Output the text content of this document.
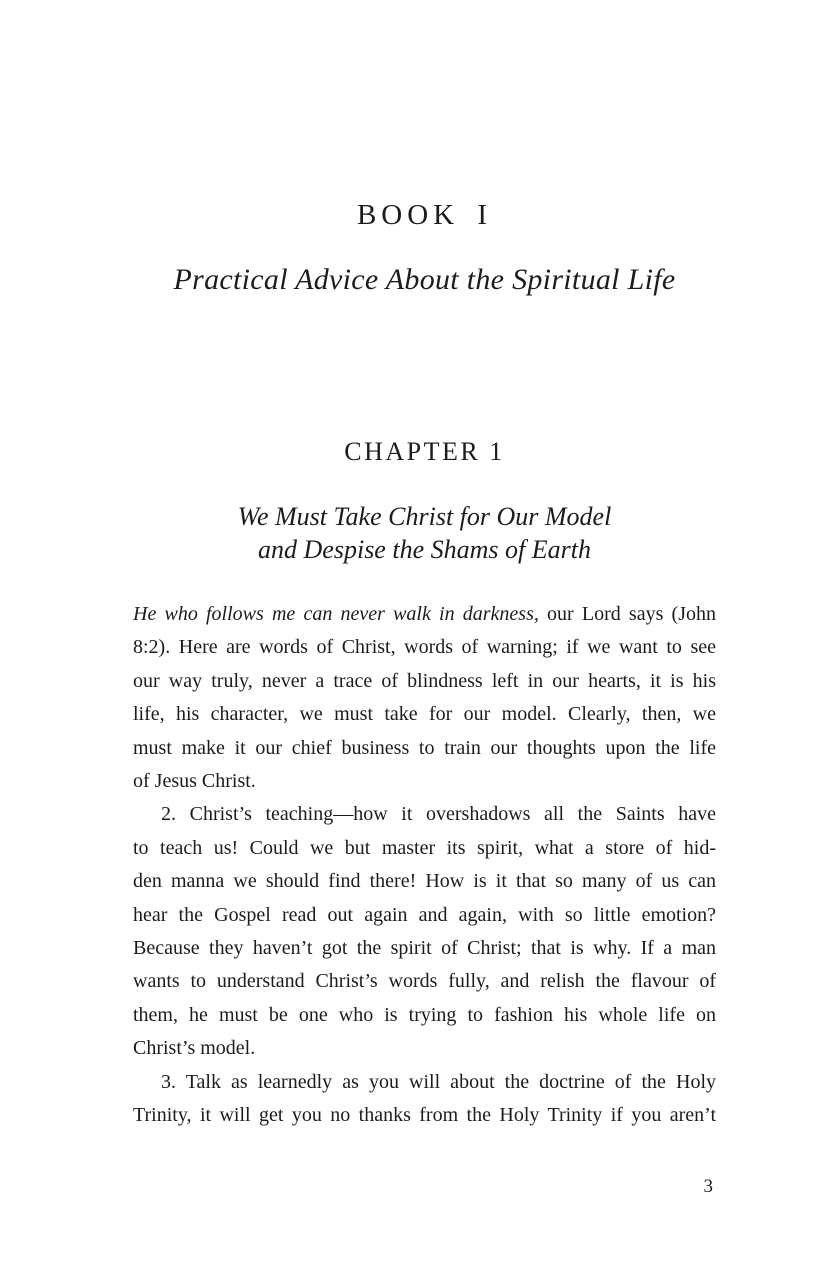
BOOK I
Practical Advice About the Spiritual Life
CHAPTER 1
We Must Take Christ for Our Model
and Despise the Shams of Earth
He who follows me can never walk in darkness, our Lord says (John
8:2). Here are words of Christ, words of warning; if we want to see
our way truly, never a trace of blindness left in our hearts, it is his
life, his character, we must take for our model. Clearly, then, we
must make it our chief business to train our thoughts upon the life
of Jesus Christ.
2. Christ’s teaching—how it overshadows all the Saints have
to teach us! Could we but master its spirit, what a store of hid-
den manna we should find there! How is it that so many of us can
hear the Gospel read out again and again, with so little emotion?
Because they haven’t got the spirit of Christ; that is why. If a man
wants to understand Christ’s words fully, and relish the flavour of
them, he must be one who is trying to fashion his whole life on
Christ’s model.
3. Talk as learnedly as you will about the doctrine of the Holy
Trinity, it will get you no thanks from the Holy Trinity if you aren’t
3
